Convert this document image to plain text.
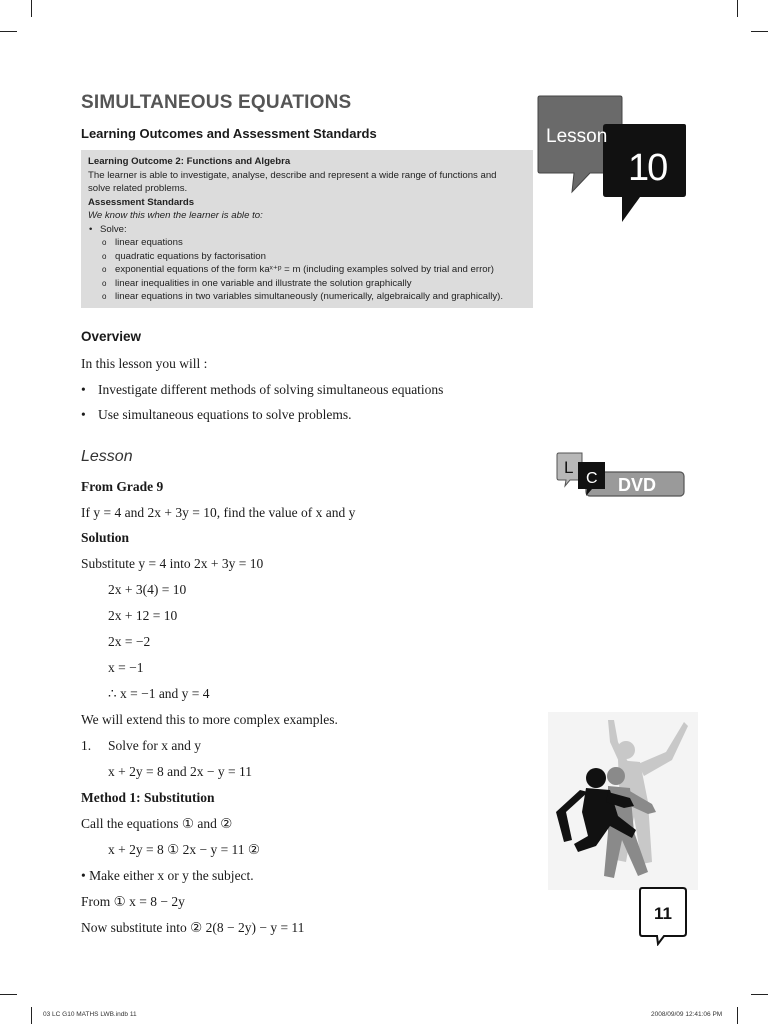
SIMULTANEOUS EQUATIONS
Learning Outcomes and Assessment Standards	Lesson
10
Learning Outcome 2: Functions and Algebra
The learner is able to investigate, analyse, describe and represent a wide range of functions and
solve related problems.
Assessment Standards
We know this when the learner is able to:
• Solve:
o linear equations
o quadratic equations by factorisation
o exponential equations of the form kaˣ⁺ᵖ = m (including examples solved by trial and error)
o linear inequalities in one variable and illustrate the solution graphically
o linear equations in two variables simultaneously (numerically, algebraically and graphically).
Overview
In this lesson you will :
• Investigate different methods of solving simultaneous equations
• Use simultaneous equations to solve problems.
Lesson
L
C DVD
From Grade 9
If y = 4 and 2x + 3y = 10, find the value of x and y
Solution
Substitute y = 4 into 2x + 3y = 10
2x + 3(4) = 10
2x + 12 = 10
2x = −2
x = −1
∴ x = −1 and y = 4
We will extend this to more complex examples.
1. Solve for x and y
x + 2y = 8 and 2x − y = 11
Method 1: Substitution
Call the equations ① and ②
x + 2y = 8 ① 2x − y = 11 ②
• Make either x or y the subject.
From ① x = 8 − 2y
Now substitute into ② 2(8 − 2y) − y = 11
11
03 LC G10 MATHS LWB.indb 11	2008/09/09 12:41:06 PM
